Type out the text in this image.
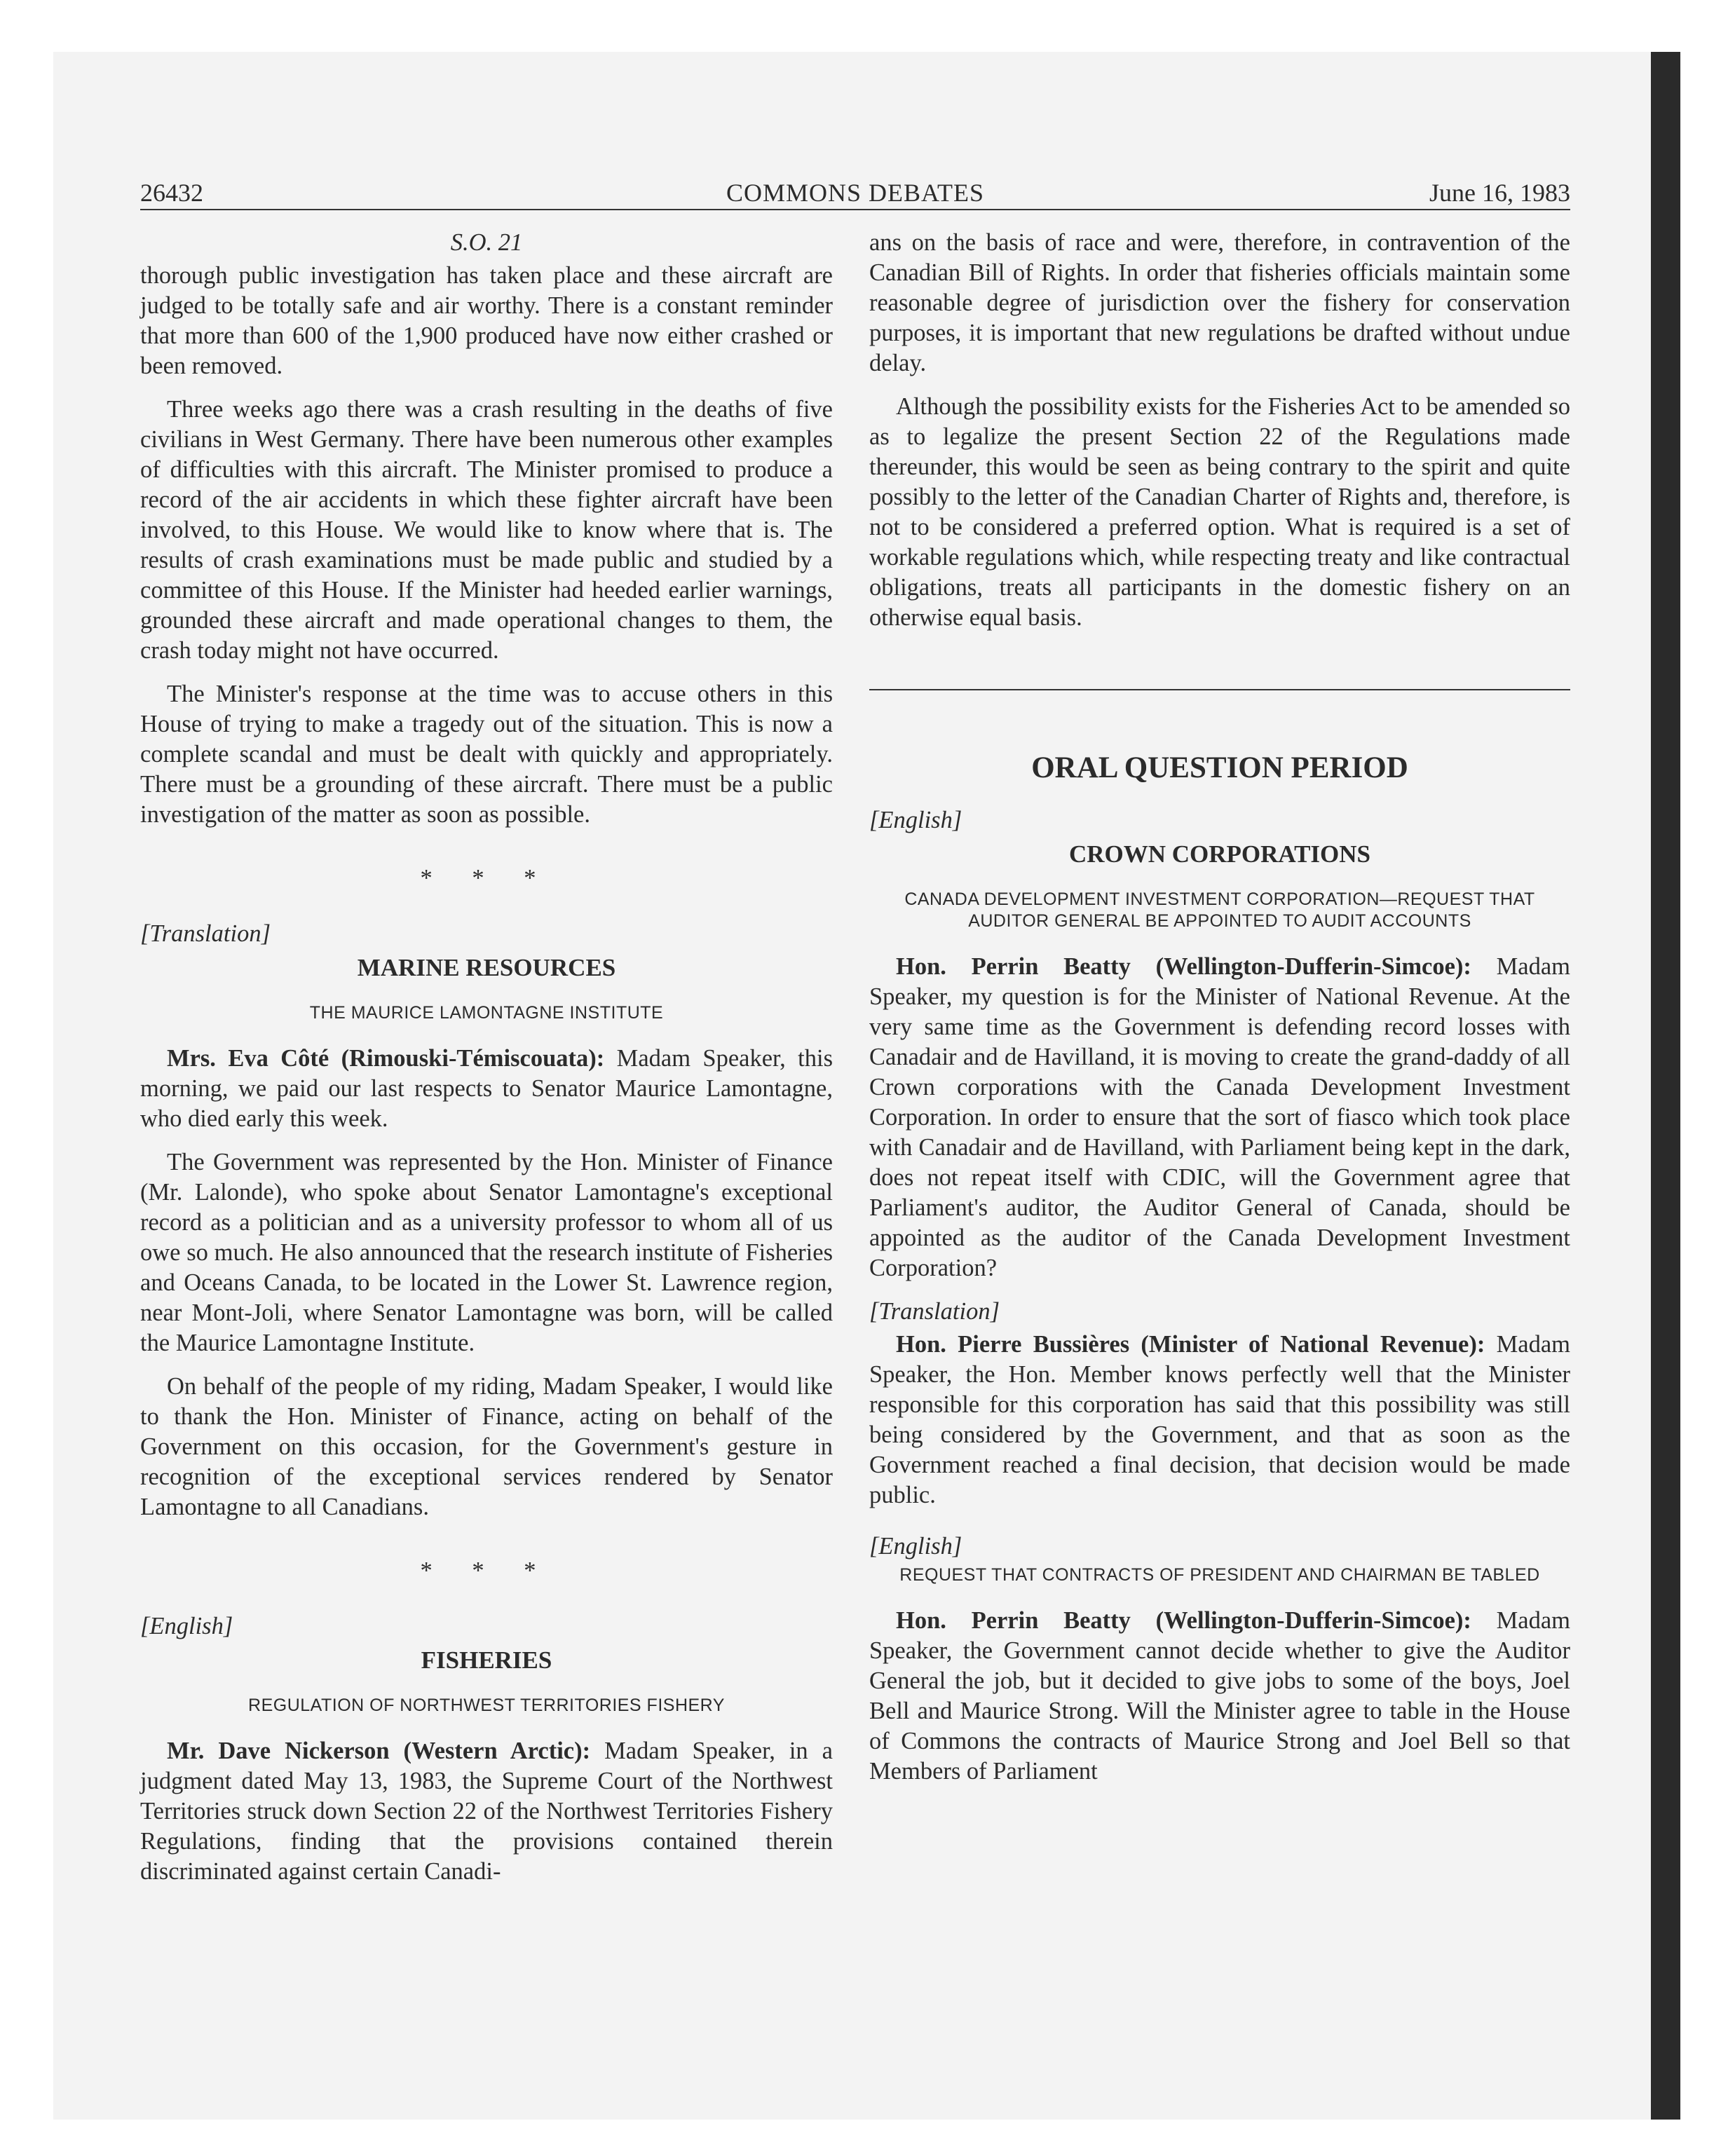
26432	COMMONS DEBATES	June 16, 1983
S.O. 21

thorough public investigation has taken place and these aircraft are judged to be totally safe and air worthy. There is a constant reminder that more than 600 of the 1,900 produced have now either crashed or been removed.

Three weeks ago there was a crash resulting in the deaths of five civilians in West Germany. There have been numerous other examples of difficulties with this aircraft. The Minister promised to produce a record of the air accidents in which these fighter aircraft have been involved, to this House. We would like to know where that is. The results of crash examinations must be made public and studied by a committee of this House. If the Minister had heeded earlier warnings, grounded these aircraft and made operational changes to them, the crash today might not have occurred.

The Minister's response at the time was to accuse others in this House of trying to make a tragedy out of the situation. This is now a complete scandal and must be dealt with quickly and appropriately. There must be a grounding of these aircraft. There must be a public investigation of the matter as soon as possible.

* * *
[Translation]
MARINE RESOURCES
THE MAURICE LAMONTAGNE INSTITUTE

Mrs. Eva Côté (Rimouski-Témiscouata): Madam Speaker, this morning, we paid our last respects to Senator Maurice Lamontagne, who died early this week.

The Government was represented by the Hon. Minister of Finance (Mr. Lalonde), who spoke about Senator Lamontagne's exceptional record as a politician and as a university professor to whom all of us owe so much. He also announced that the research institute of Fisheries and Oceans Canada, to be located in the Lower St. Lawrence region, near Mont-Joli, where Senator Lamontagne was born, will be called the Maurice Lamontagne Institute.

On behalf of the people of my riding, Madam Speaker, I would like to thank the Hon. Minister of Finance, acting on behalf of the Government on this occasion, for the Government's gesture in recognition of the exceptional services rendered by Senator Lamontagne to all Canadians.

* * *
[English]
FISHERIES
REGULATION OF NORTHWEST TERRITORIES FISHERY

Mr. Dave Nickerson (Western Arctic): Madam Speaker, in a judgment dated May 13, 1983, the Supreme Court of the Northwest Territories struck down Section 22 of the Northwest Territories Fishery Regulations, finding that the provisions contained therein discriminated against certain Canadi-

ans on the basis of race and were, therefore, in contravention of the Canadian Bill of Rights. In order that fisheries officials maintain some reasonable degree of jurisdiction over the fishery for conservation purposes, it is important that new regulations be drafted without undue delay.

Although the possibility exists for the Fisheries Act to be amended so as to legalize the present Section 22 of the Regulations made thereunder, this would be seen as being contrary to the spirit and quite possibly to the letter of the Canadian Charter of Rights and, therefore, is not to be considered a preferred option. What is required is a set of workable regulations which, while respecting treaty and like contractual obligations, treats all participants in the domestic fishery on an otherwise equal basis.

ORAL QUESTION PERIOD
[English]
CROWN CORPORATIONS
CANADA DEVELOPMENT INVESTMENT CORPORATION—REQUEST THAT AUDITOR GENERAL BE APPOINTED TO AUDIT ACCOUNTS

Hon. Perrin Beatty (Wellington-Dufferin-Simcoe): Madam Speaker, my question is for the Minister of National Revenue. At the very same time as the Government is defending record losses with Canadair and de Havilland, it is moving to create the grand-daddy of all Crown corporations with the Canada Development Investment Corporation. In order to ensure that the sort of fiasco which took place with Canadair and de Havilland, with Parliament being kept in the dark, does not repeat itself with CDIC, will the Government agree that Parliament's auditor, the Auditor General of Canada, should be appointed as the auditor of the Canada Development Investment Corporation?

[Translation]

Hon. Pierre Bussières (Minister of National Revenue): Madam Speaker, the Hon. Member knows perfectly well that the Minister responsible for this corporation has said that this possibility was still being considered by the Government, and that as soon as the Government reached a final decision, that decision would be made public.

[English]
REQUEST THAT CONTRACTS OF PRESIDENT AND CHAIRMAN BE TABLED

Hon. Perrin Beatty (Wellington-Dufferin-Simcoe): Madam Speaker, the Government cannot decide whether to give the Auditor General the job, but it decided to give jobs to some of the boys, Joel Bell and Maurice Strong. Will the Minister agree to table in the House of Commons the contracts of Maurice Strong and Joel Bell so that Members of Parliament
